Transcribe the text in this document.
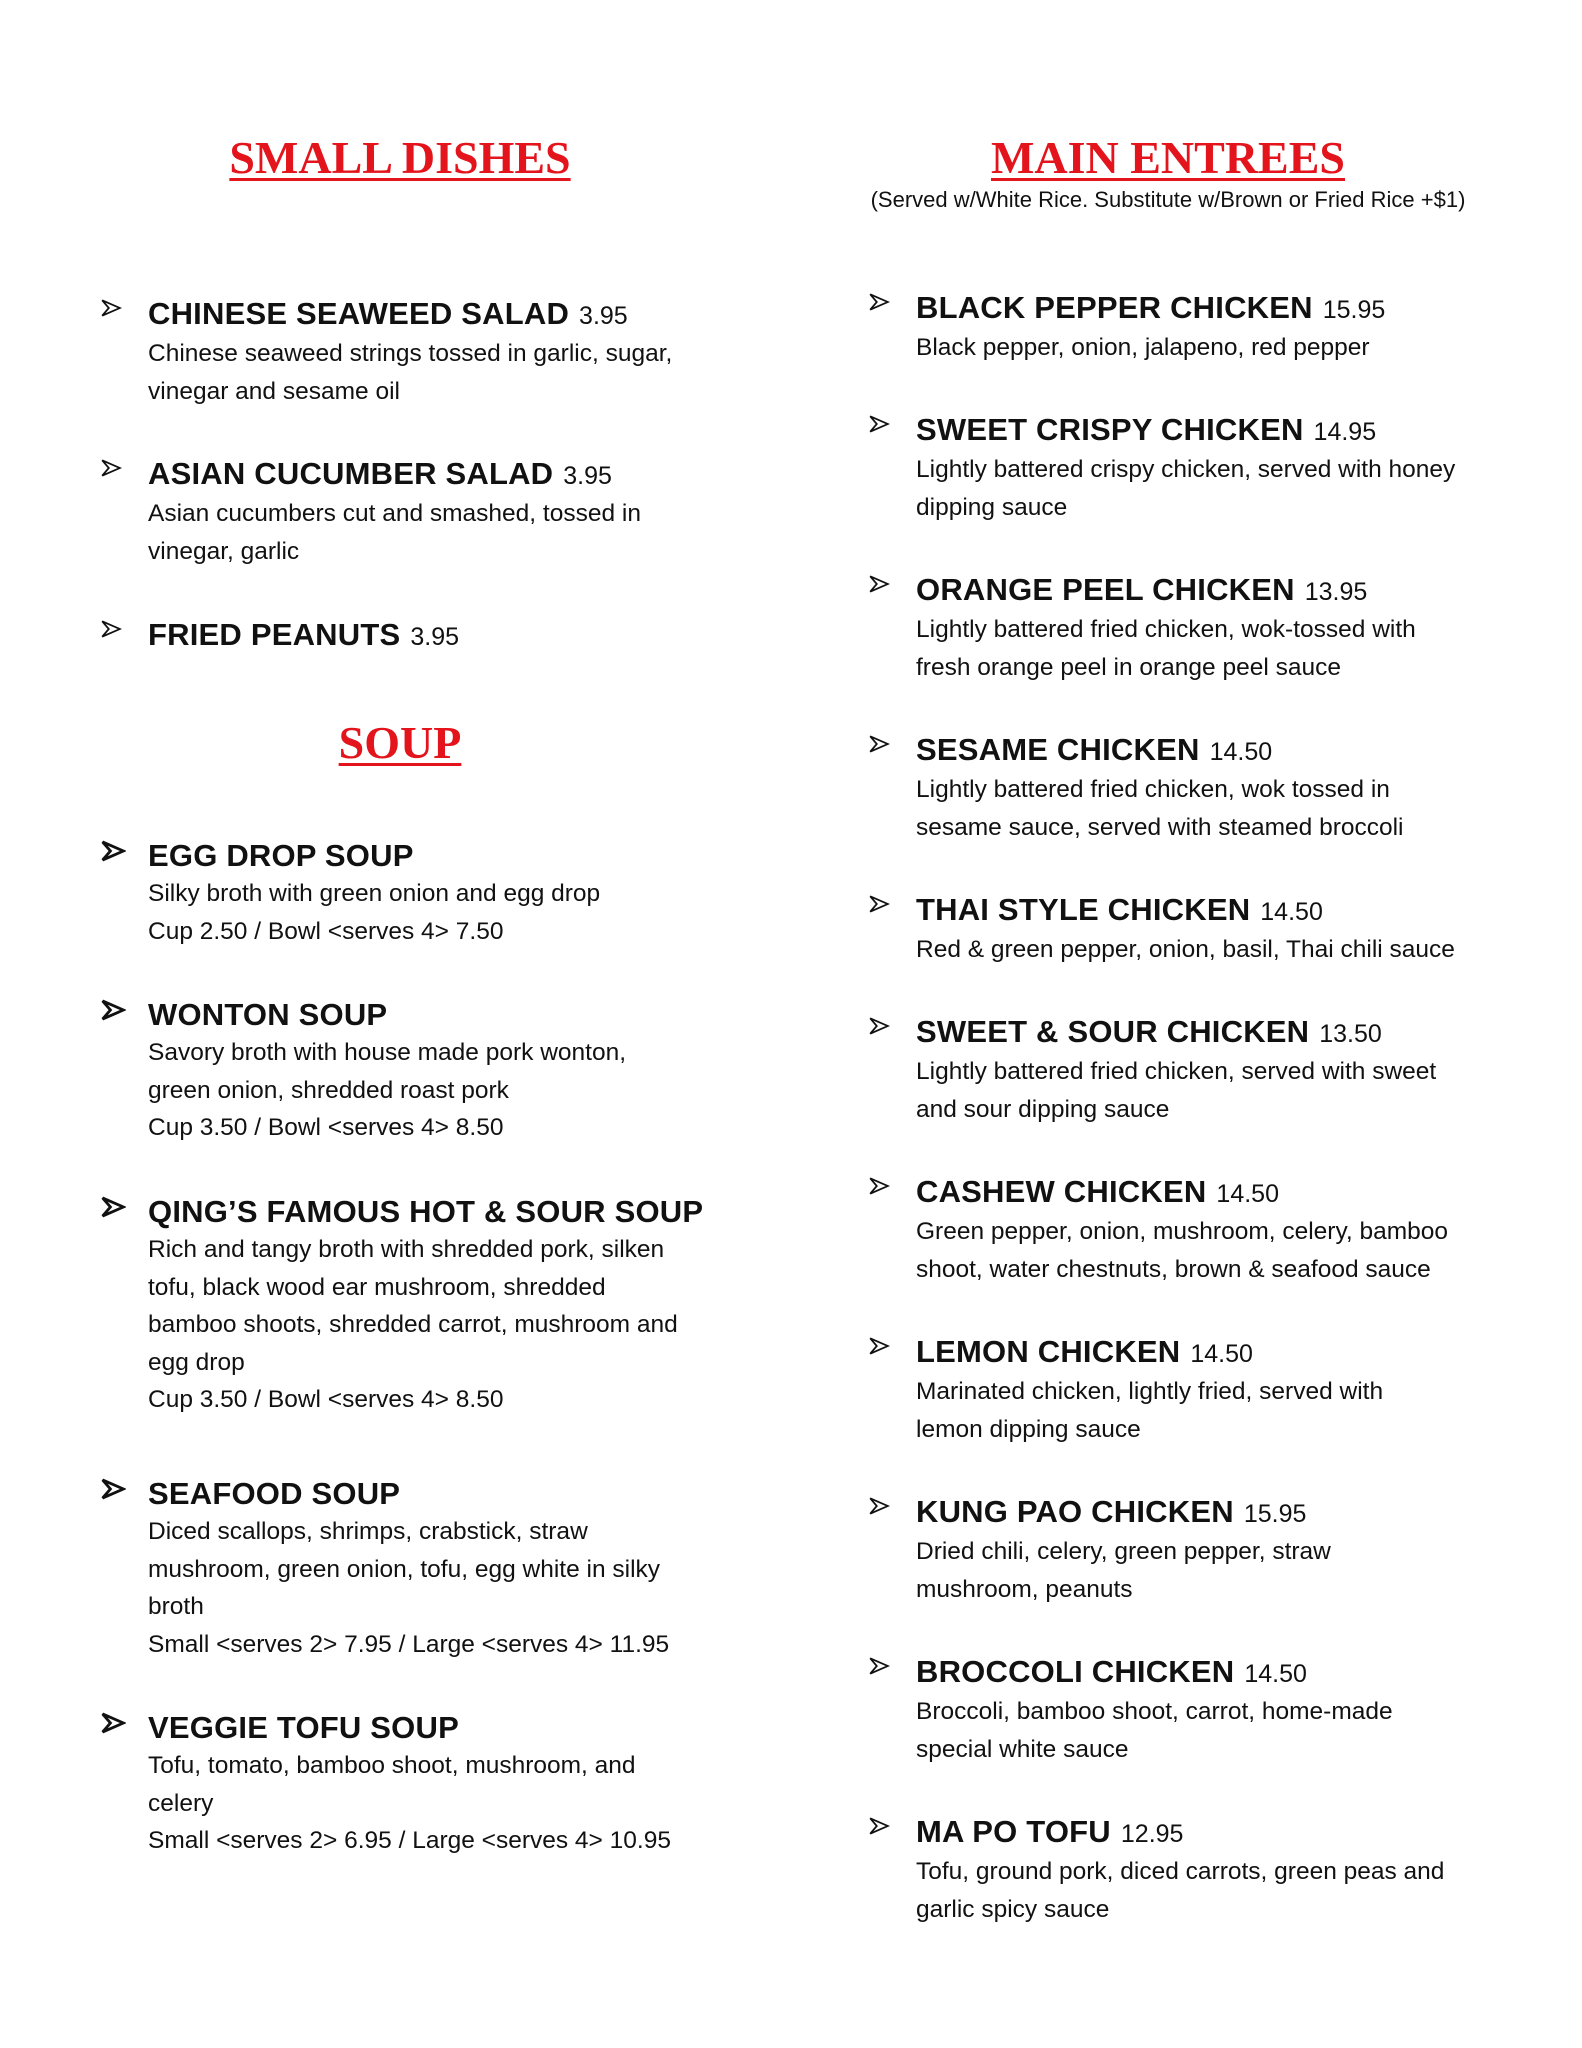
SMALL DISHES
CHINESE SEAWEED SALAD 3.95
Chinese seaweed strings tossed in garlic, sugar,
vinegar and sesame oil
ASIAN CUCUMBER SALAD 3.95
Asian cucumbers cut and smashed, tossed in
vinegar, garlic
FRIED PEANUTS 3.95
SOUP
EGG DROP SOUP
Silky broth with green onion and egg drop
Cup 2.50 / Bowl <serves 4> 7.50
WONTON SOUP
Savory broth with house made pork wonton,
green onion, shredded roast pork
Cup 3.50 / Bowl <serves 4> 8.50
QING’S FAMOUS HOT & SOUR SOUP
Rich and tangy broth with shredded pork, silken
tofu, black wood ear mushroom, shredded
bamboo shoots, shredded carrot, mushroom and
egg drop
Cup 3.50 / Bowl <serves 4> 8.50
SEAFOOD SOUP
Diced scallops, shrimps, crabstick, straw
mushroom, green onion, tofu, egg white in silky
broth
Small <serves 2> 7.95 / Large <serves 4> 11.95
VEGGIE TOFU SOUP
Tofu, tomato, bamboo shoot, mushroom, and
celery
Small <serves 2> 6.95 / Large <serves 4> 10.95
MAIN ENTREES
(Served w/White Rice. Substitute w/Brown or Fried Rice +$1)
BLACK PEPPER CHICKEN 15.95
Black pepper, onion, jalapeno, red pepper
SWEET CRISPY CHICKEN 14.95
Lightly battered crispy chicken, served with honey
dipping sauce
ORANGE PEEL CHICKEN 13.95
Lightly battered fried chicken, wok-tossed with
fresh orange peel in orange peel sauce
SESAME CHICKEN 14.50
Lightly battered fried chicken, wok tossed in
sesame sauce, served with steamed broccoli
THAI STYLE CHICKEN 14.50
Red & green pepper, onion, basil, Thai chili sauce
SWEET & SOUR CHICKEN 13.50
Lightly battered fried chicken, served with sweet
and sour dipping sauce
CASHEW CHICKEN 14.50
Green pepper, onion, mushroom, celery, bamboo
shoot, water chestnuts, brown & seafood sauce
LEMON CHICKEN 14.50
Marinated chicken, lightly fried, served with
lemon dipping sauce
KUNG PAO CHICKEN 15.95
Dried chili, celery, green pepper, straw
mushroom, peanuts
BROCCOLI CHICKEN 14.50
Broccoli, bamboo shoot, carrot, home-made
special white sauce
MA PO TOFU 12.95
Tofu, ground pork, diced carrots, green peas and
garlic spicy sauce
